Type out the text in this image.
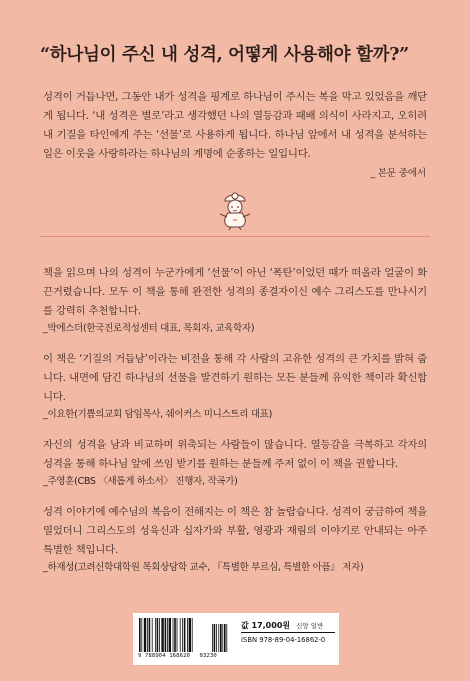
“하나님이 주신 내 성격, 어떻게 사용해야 할까?”
성격이 거듭나면, 그동안 내가 성격을 핑계로 하나님이 주시는 복을 막고 있었음을 깨닫게 됩니다. ‘내 성격은 별로’라고 생각했던 나의 열등감과 패배 의식이 사라지고, 오히려 내 기질을 타인에게 주는 ‘선물’로 사용하게 됩니다. 하나님 앞에서 내 성격을 분석하는 일은 이웃을 사랑하라는 하나님의 계명에 순종하는 일입니다.
_ 본문 중에서
책을 읽으며 나의 성격이 누군가에게 ‘선물’이 아닌 ‘폭탄’이었던 때가 떠올라 얼굴이 화끈거렸습니다. 모두 이 책을 통해 완전한 성격의 종결자이신 예수 그리스도를 만나시기를 강력히 추천합니다.
_박에스더(한국진로적성센터 대표, 목회자, 교육학자)
이 책은 ‘기질의 거듭남’이라는 비전을 통해 각 사람의 고유한 성격의 큰 가치를 밝혀 줍니다. 내면에 담긴 하나님의 선물을 발견하기 원하는 모든 분들께 유익한 책이라 확신합니다.
_이요한(기쁨의교회 담임목사, 쉐이커스 미니스트리 대표)
자신의 성격을 남과 비교하며 위축되는 사람들이 많습니다. 열등감을 극복하고 각자의 성격을 통해 하나님 앞에 쓰임 받기를 원하는 분들께 주저 없이 이 책을 권합니다.
_주영훈(CBS 〈새롭게 하소서〉 진행자, 작곡가)
성격 이야기에 예수님의 복음이 전해지는 이 책은 참 놀랍습니다. 성격이 궁금하여 책을 열었더니 그리스도의 성육신과 십자가와 부활, 영광과 재림의 이야기로 안내되는 아주 특별한 책입니다.
_하재성(고려신학대학원 목회상담학 교수, 『특별한 부르심, 특별한 아픔』 저자)
9 788904 168620 03230
값 17,000원 신앙 일반
ISBN 978-89-04-16862-0
